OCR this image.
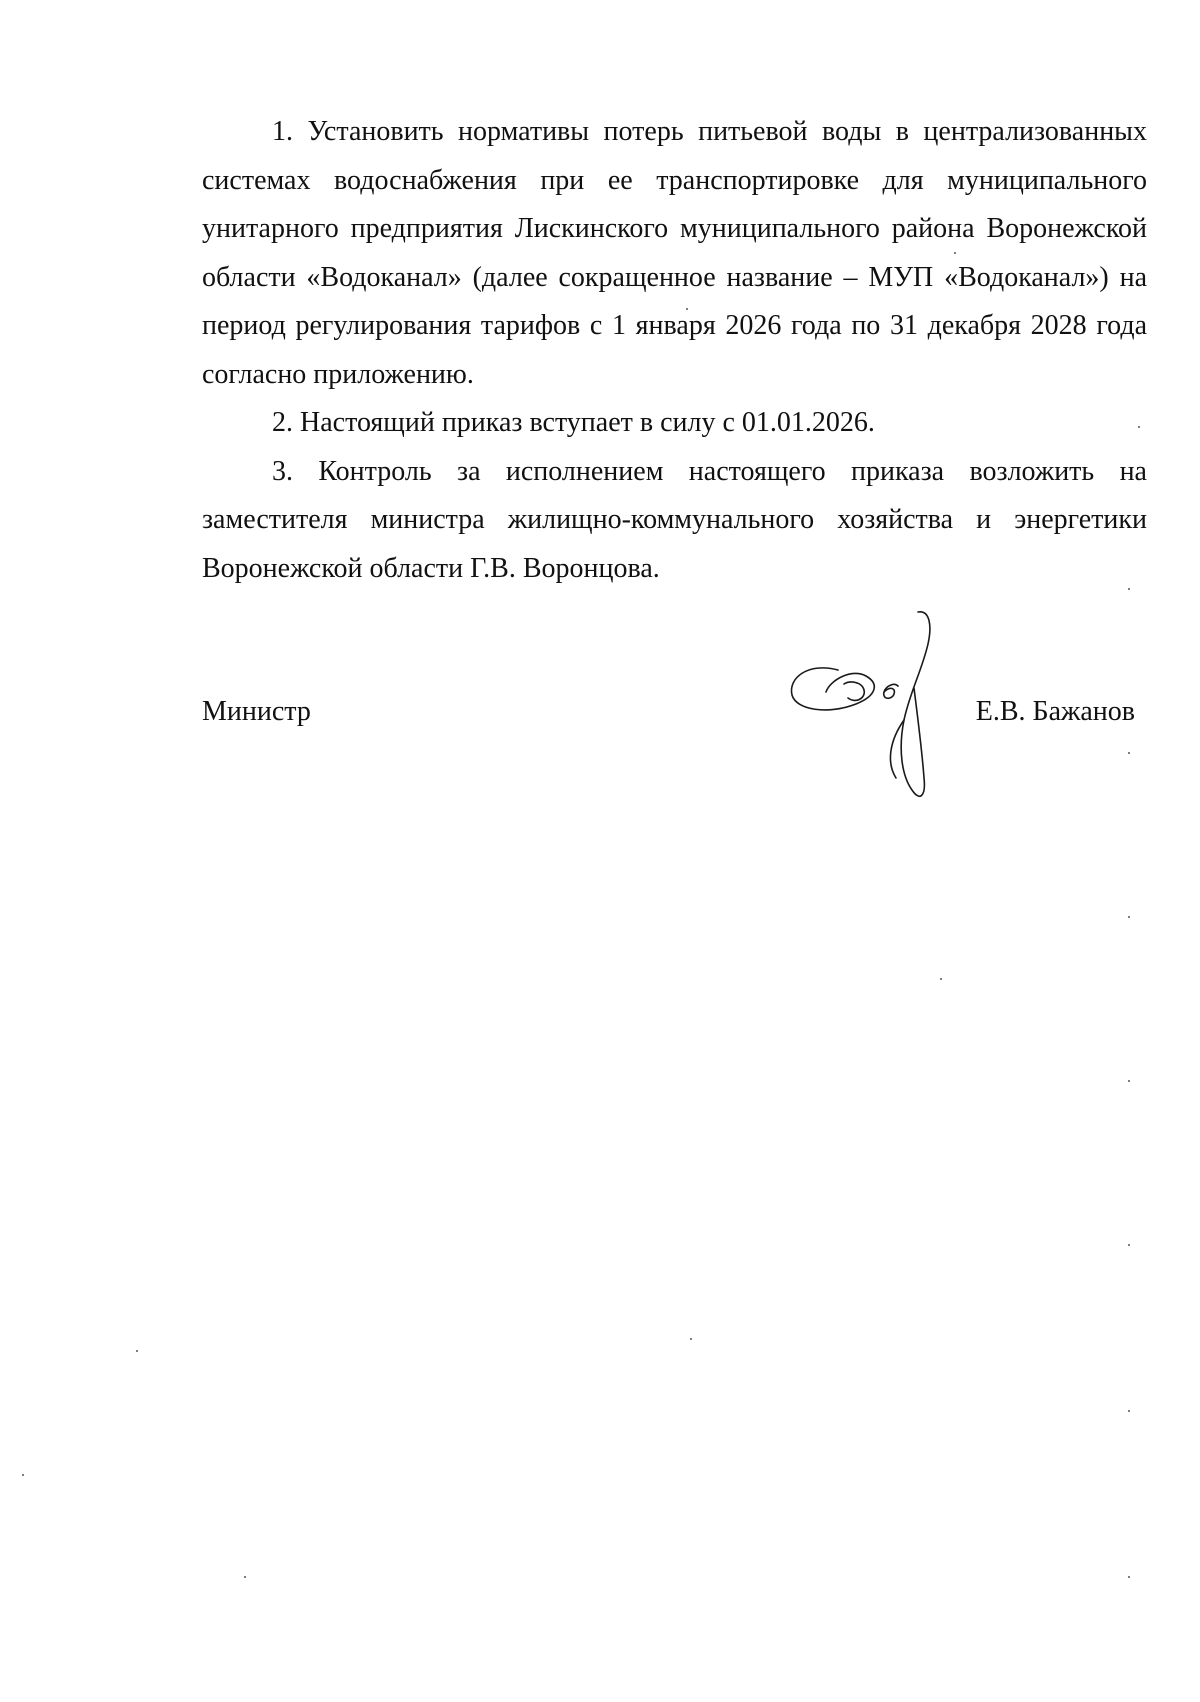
1. Установить нормативы потерь питьевой воды в централизованных системах водоснабжения при ее транспортировке для муниципального унитарного предприятия Лискинского муниципального района Воронежской области «Водоканал» (далее сокращенное название – МУП «Водоканал») на период регулирования тарифов с 1 января 2026 года по 31 декабря 2028 года согласно приложению.

2. Настоящий приказ вступает в силу с 01.01.2026.

3. Контроль за исполнением настоящего приказа возложить на заместителя министра жилищно-коммунального хозяйства и энергетики Воронежской области Г.В. Воронцова.

Министр	Е.В. Бажанов
